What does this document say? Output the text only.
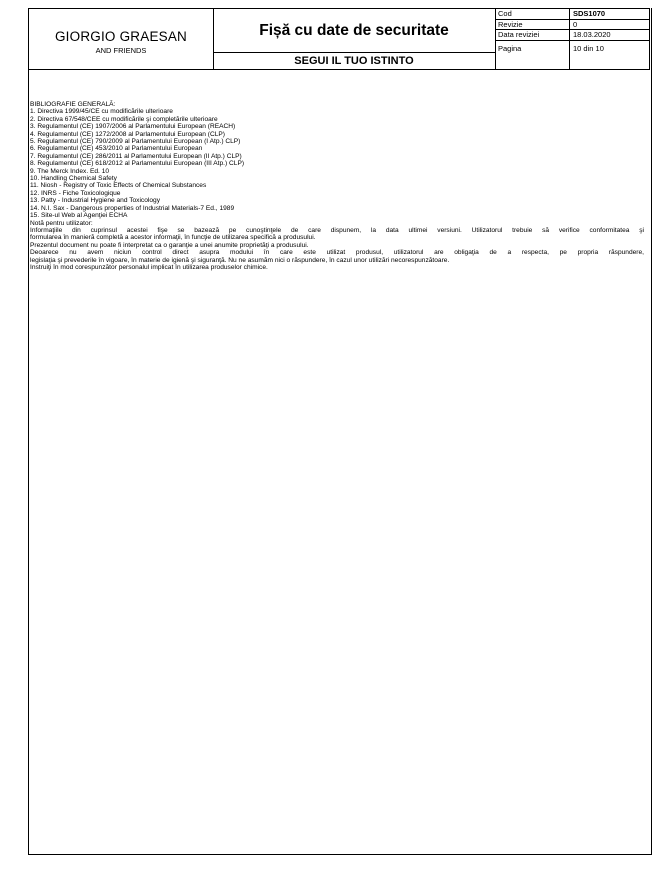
GIORGIO GRAESAN
AND FRIENDS
Fișă cu date de securitate
SEGUI IL TUO ISTINTO
Cod	SDS1070
Revizie	0
Data reviziei	18.03.2020
Pagina	10 din 10
BIBLIOGRAFIE GENERALĂ:
1. Directiva 1999/45/CE cu modificările ulterioare
2. Directiva 67/548/CEE cu modificările şi completările ulterioare
3. Regulamentul (CE) 1907/2006 al Parlamentului European (REACH)
4. Regulamentul (CE) 1272/2008 al Parlamentului European (CLP)
5. Regulamentul (CE) 790/2009 al Parlamentului European (I Atp.) CLP)
6. Regulamentul (CE) 453/2010 al Parlamentului European
7. Regulamentul (CE) 286/2011 al Parlamentului European (II Atp.) CLP)
8. Regulamentul (CE) 618/2012 al Parlamentului European (III Atp.) CLP)
9. The Merck Index. Ed. 10
10. Handling Chemical Safety
11. Niosh - Registry of Toxic Effects of Chemical Substances
12. INRS - Fiche Toxicologique
13. Patty - Industrial Hygiene and Toxicology
14. N.I. Sax - Dangerous properties of Industrial Materials-7 Ed., 1989
15. Site-ul Web al Agenţiei ECHA
Notă pentru utilizator:
Informaţiile din cuprinsul acestei fişe se bazează pe cunoştinţele de care dispunem, la data ultimei versiuni. Utilizatorul trebuie să verifice conformitatea şi
formularea în manieră completă a acestor informaţii, în funcţie de utilizarea specifică a produsului.
Prezentul document nu poate fi interpretat ca o garanţie a unei anumite proprietăţi a produsului.
Deoarece nu avem niciun control direct asupra modului în care este utilizat produsul, utilizatorul are obligaţia de a respecta, pe propria răspundere,
legislaţia şi prevederile în vigoare, în materie de igienă şi siguranţă. Nu ne asumăm nici o răspundere, în cazul unor utilizări necorespunzătoare.
Instruiţi în mod corespunzător personalul implicat în utilizarea produselor chimice.
